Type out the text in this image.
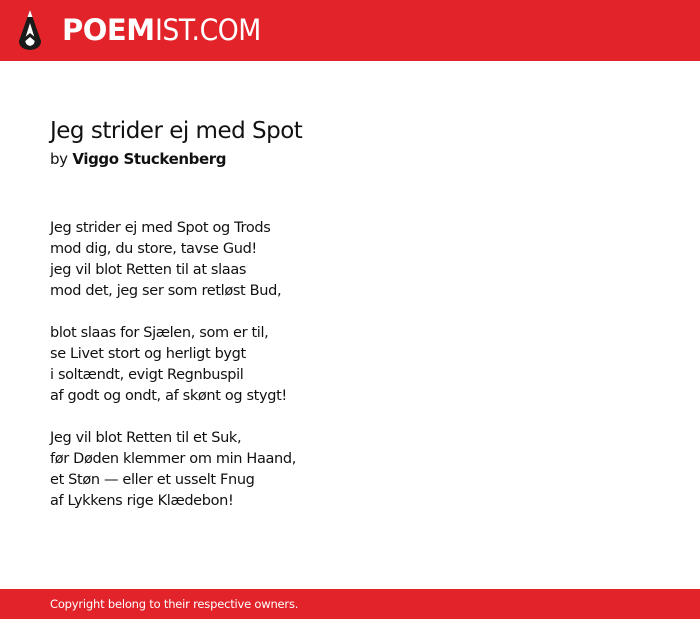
POEMIST.COM
Jeg strider ej med Spot
by Viggo Stuckenberg
Jeg strider ej med Spot og Trods
mod dig, du store, tavse Gud!
jeg vil blot Retten til at slaas
mod det, jeg ser som retløst Bud,
blot slaas for Sjælen, som er til,
se Livet stort og herligt bygt
i soltændt, evigt Regnbuspil
af godt og ondt, af skønt og stygt!
Jeg vil blot Retten til et Suk,
før Døden klemmer om min Haand,
et Støn — eller et usselt Fnug
af Lykkens rige Klædebon!
Copyright belong to their respective owners.
